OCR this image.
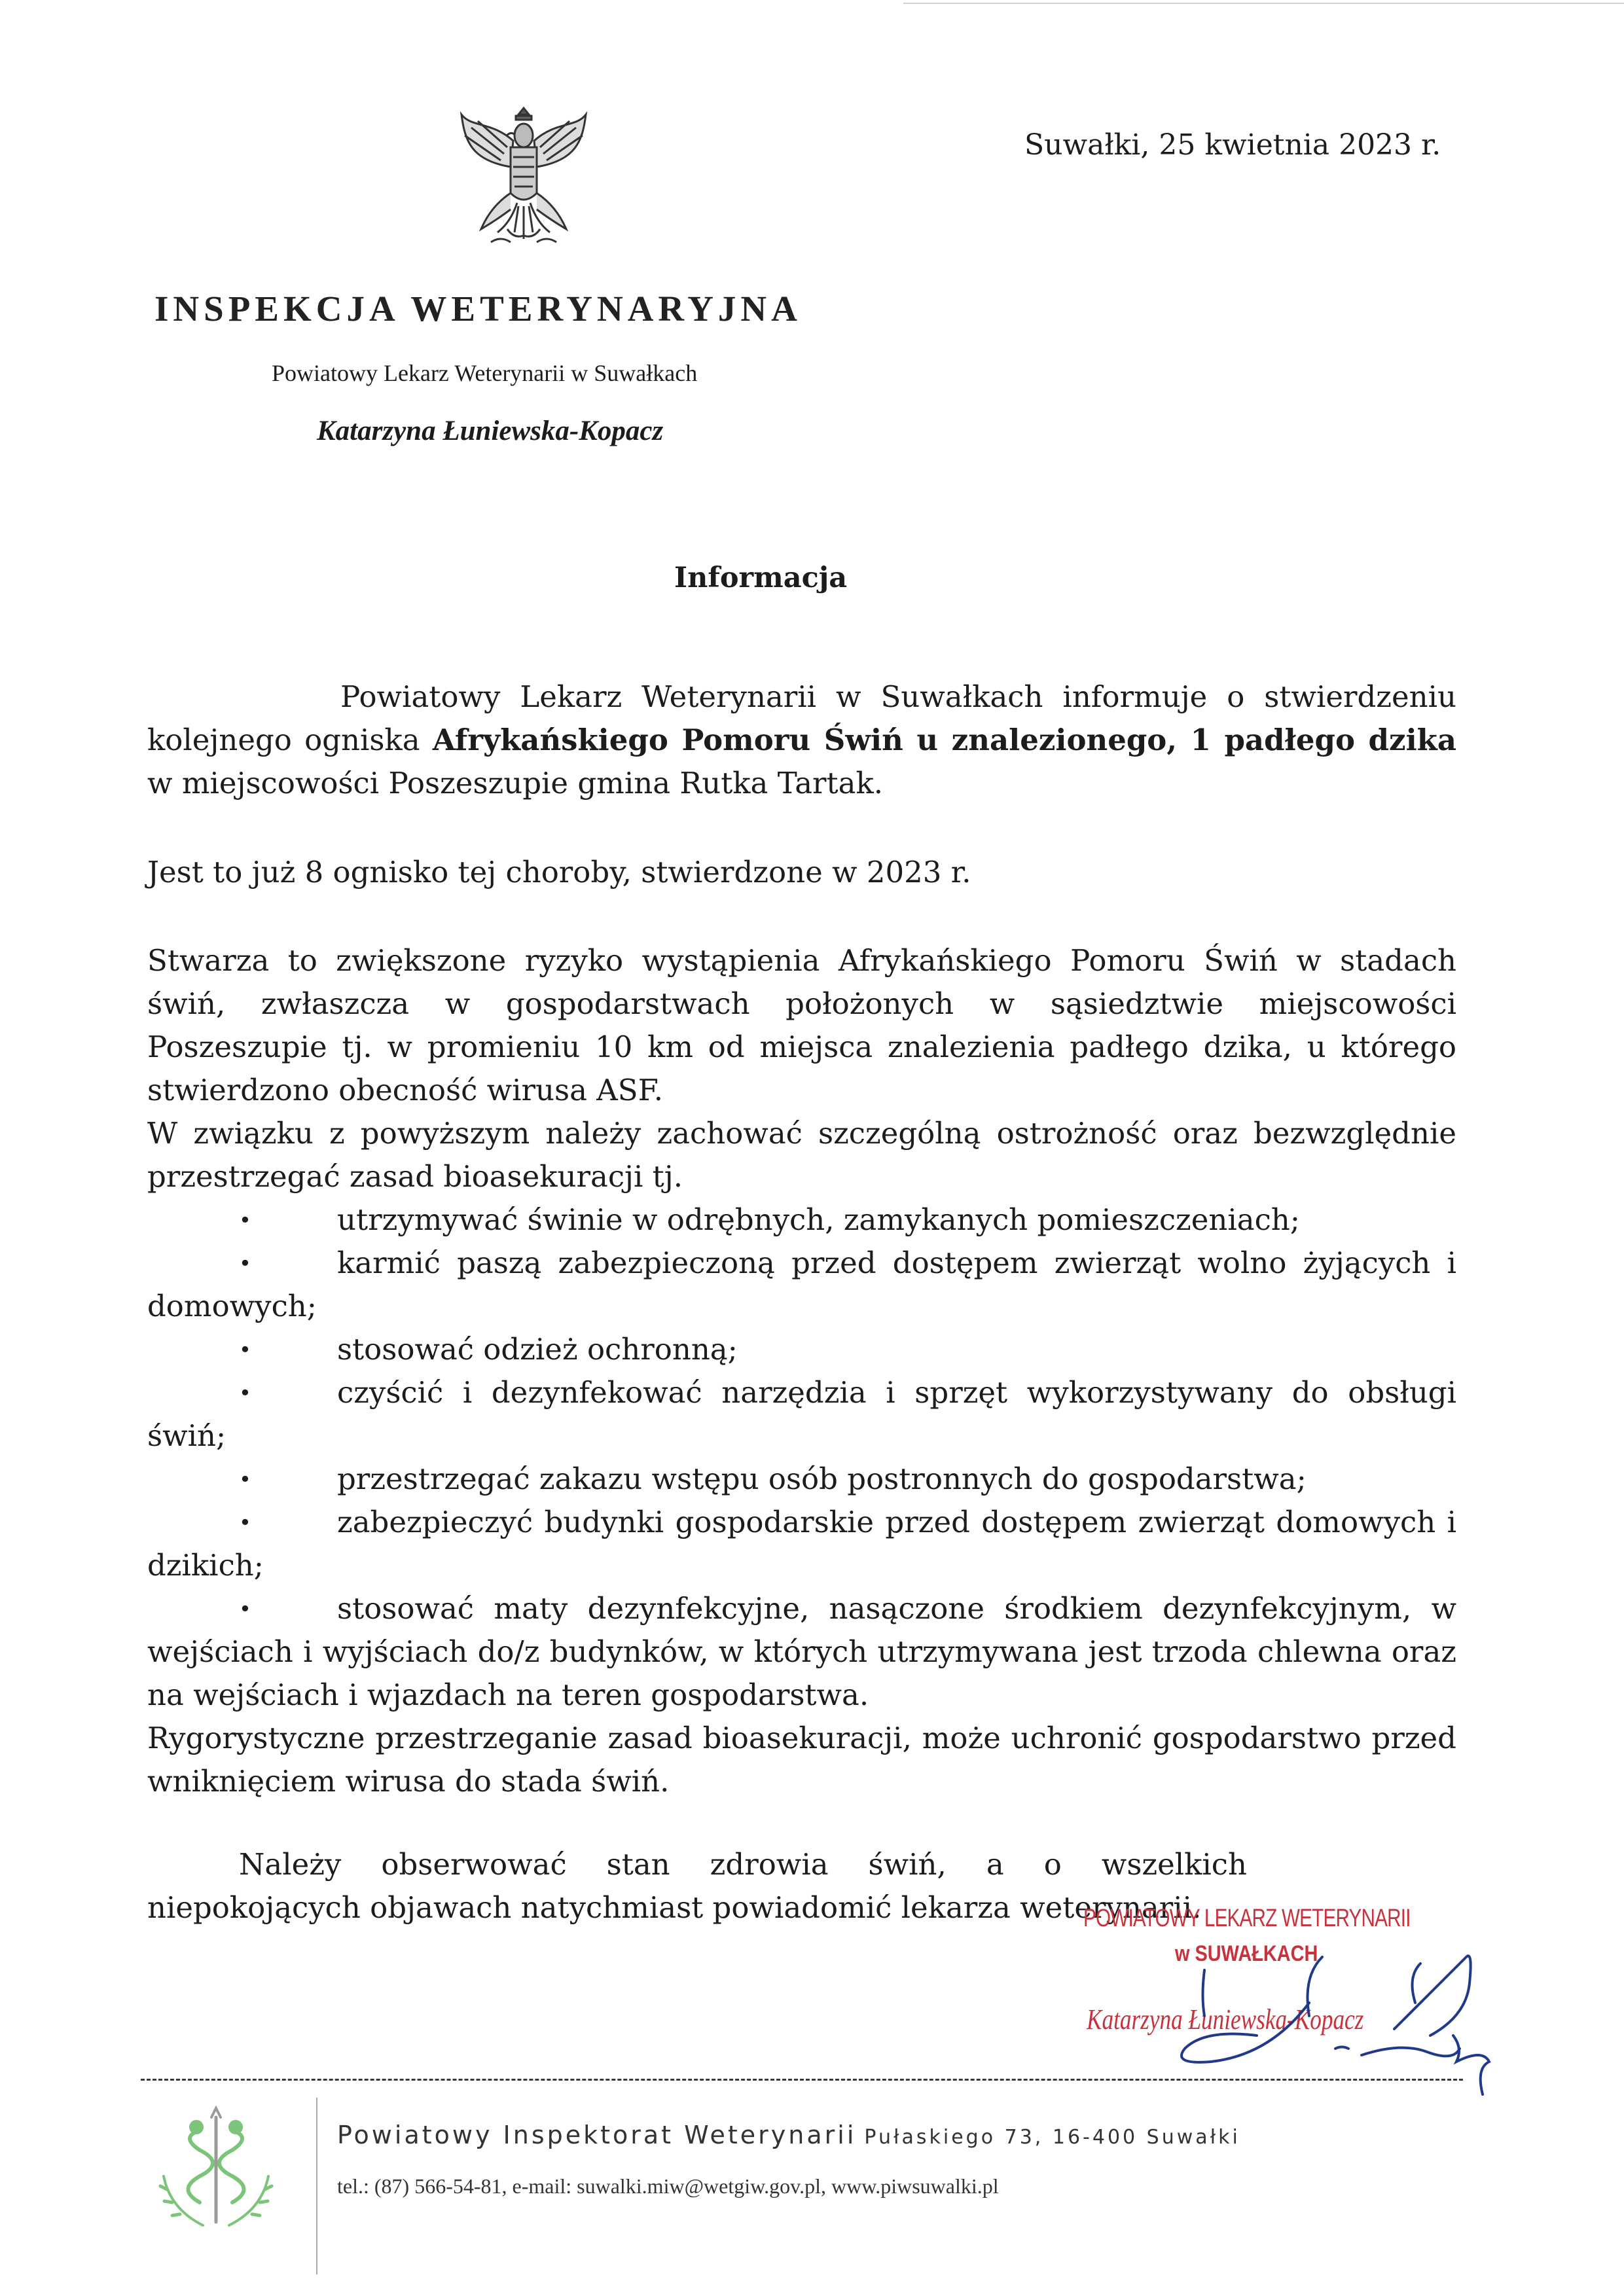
Suwałki, 25 kwietnia 2023 r.
INSPEKCJA WETERYNARYJNA
Powiatowy Lekarz Weterynarii w Suwałkach
Katarzyna Łuniewska-Kopacz
Informacja

Powiatowy Lekarz Weterynarii w Suwałkach informuje o stwierdzeniu kolejnego ogniska Afrykańskiego Pomoru Świń u znalezionego, 1 padłego dzika w miejscowości Poszeszupie gmina Rutka Tartak.

Jest to już 8 ognisko tej choroby, stwierdzone w 2023 r.

Stwarza to zwiększone ryzyko wystąpienia Afrykańskiego Pomoru Świń w stadach świń, zwłaszcza w gospodarstwach położonych w sąsiedztwie miejscowości Poszeszupie tj. w promieniu 10 km od miejsca znalezienia padłego dzika, u którego stwierdzono obecność wirusa ASF.

W związku z powyższym należy zachować szczególną ostrożność oraz bezwzględnie przestrzegać zasad bioasekuracji tj.

•	utrzymywać świnie w odrębnych, zamykanych pomieszczeniach;
•	karmić paszą zabezpieczoną przed dostępem zwierząt wolno żyjących i domowych;
•	stosować odzież ochronną;
•	czyścić i dezynfekować narzędzia i sprzęt wykorzystywany do obsługi świń;
•	przestrzegać zakazu wstępu osób postronnych do gospodarstwa;
•	zabezpieczyć budynki gospodarskie przed dostępem zwierząt domowych i dzikich;
•	stosować maty dezynfekcyjne, nasączone środkiem dezynfekcyjnym, w wejściach i wyjściach do/z budynków, w których utrzymywana jest trzoda chlewna oraz na wejściach i wjazdach na teren gospodarstwa.

Rygorystyczne przestrzeganie zasad bioasekuracji, może uchronić gospodarstwo przed wniknięciem wirusa do stada świń.

Należy obserwować stan zdrowia świń, a o wszelkich niepokojących objawach natychmiast powiadomić lekarza weterynarii.

POWIATOWY LEKARZ WETERYNARII
w SUWAŁKACH
Katarzyna Łuniewska-Kopacz
Powiatowy Inspektorat Weterynarii Pułaskiego 73, 16-400 Suwałki
tel.: (87) 566-54-81, e-mail: suwalki.miw@wetgiw.gov.pl, www.piwsuwalki.pl
